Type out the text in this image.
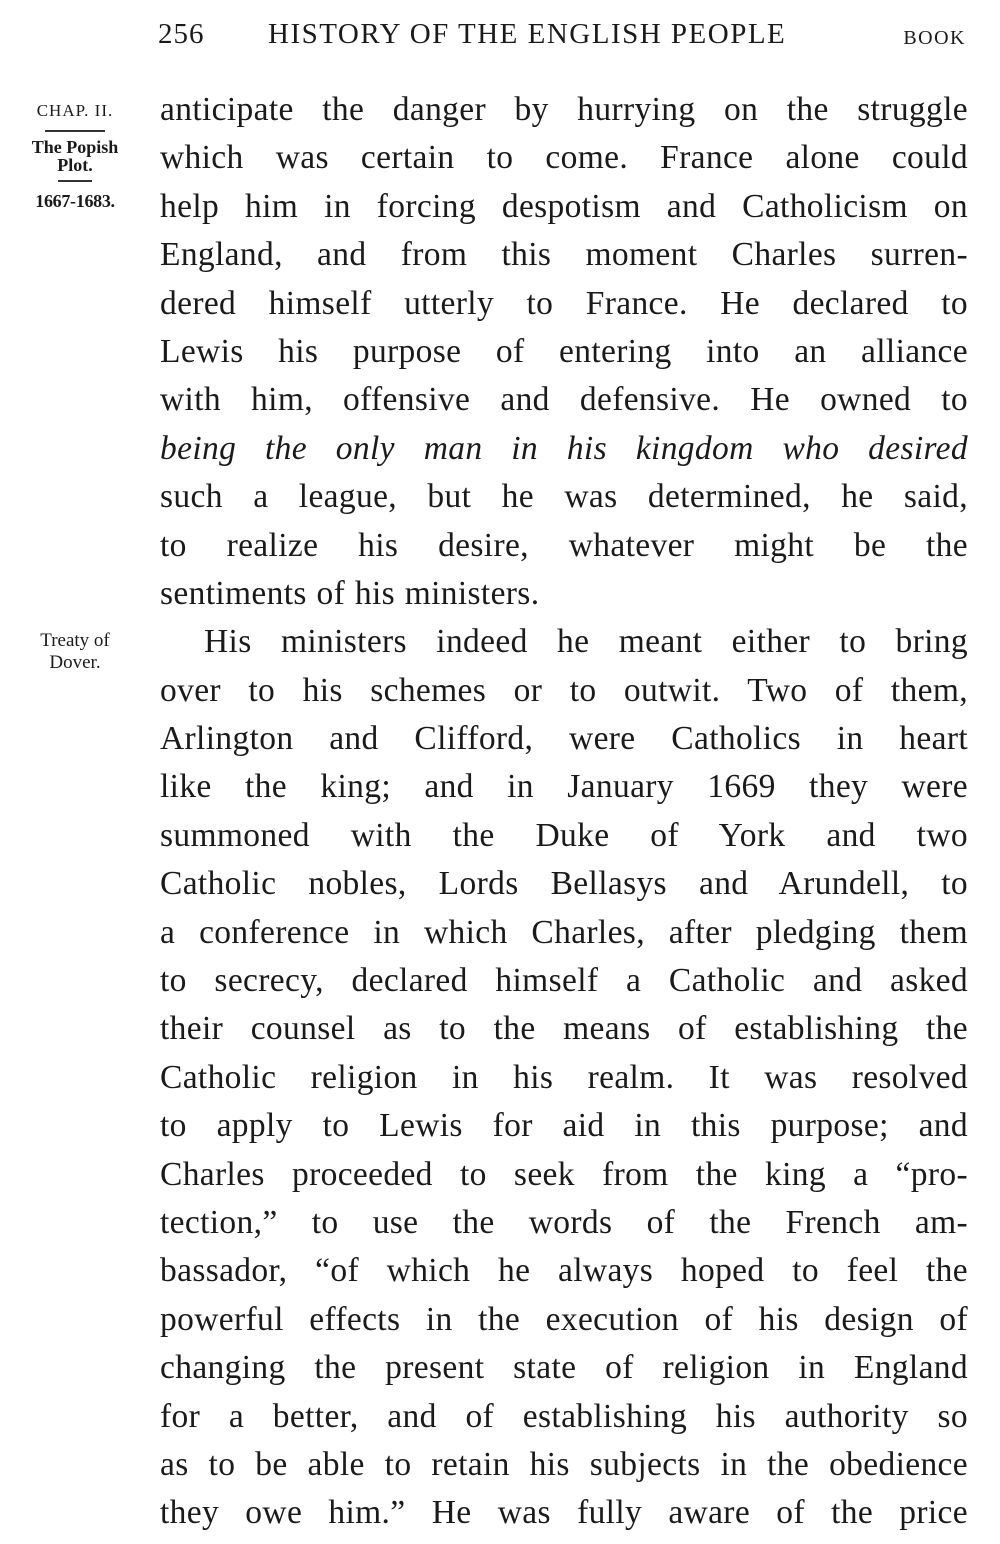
256 HISTORY OF THE ENGLISH PEOPLE	BOOK
CHAP. II.
The Popish
Plot.
1667-1683.
Treaty of
Dover.

anticipate the danger by hurrying on the struggle
which was certain to come. France alone could
help him in forcing despotism and Catholicism on
England, and from this moment Charles surren-
dered himself utterly to France. He declared to
Lewis his purpose of entering into an alliance
with him, offensive and defensive. He owned to
being the only man in his kingdom who desired
such a league, but he was determined, he said,
to realize his desire, whatever might be the
sentiments of his ministers.

His ministers indeed he meant either to bring
over to his schemes or to outwit. Two of them,
Arlington and Clifford, were Catholics in heart
like the king; and in January 1669 they were
summoned with the Duke of York and two
Catholic nobles, Lords Bellasys and Arundell, to
a conference in which Charles, after pledging them
to secrecy, declared himself a Catholic and asked
their counsel as to the means of establishing the
Catholic religion in his realm. It was resolved
to apply to Lewis for aid in this purpose; and
Charles proceeded to seek from the king a “pro-
tection,” to use the words of the French am-
bassador, “of which he always hoped to feel the
powerful effects in the execution of his design of
changing the present state of religion in England
for a better, and of establishing his authority so
as to be able to retain his subjects in the obedience
they owe him.” He was fully aware of the price
